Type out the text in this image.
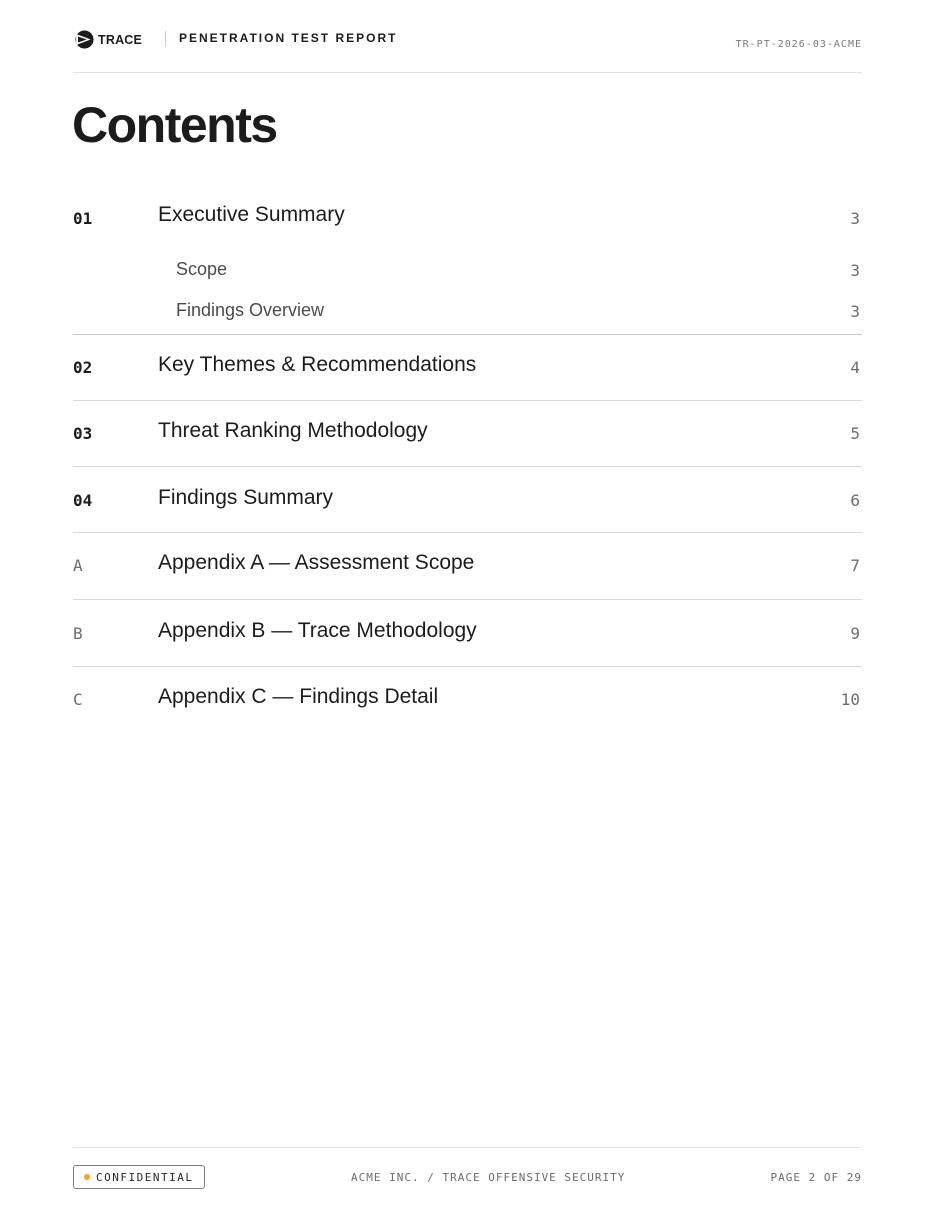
TRACE	PENETRATION TEST REPORT	TR-PT-2026-03-ACME
Contents
01	Executive Summary	3
Scope	3
Findings Overview	3
02	Key Themes & Recommendations	4
03	Threat Ranking Methodology	5
04	Findings Summary	6
A	Appendix A — Assessment Scope	7
B	Appendix B — Trace Methodology	9
C	Appendix C — Findings Detail	10
CONFIDENTIAL	ACME INC. / TRACE OFFENSIVE SECURITY	PAGE 2 OF 29
